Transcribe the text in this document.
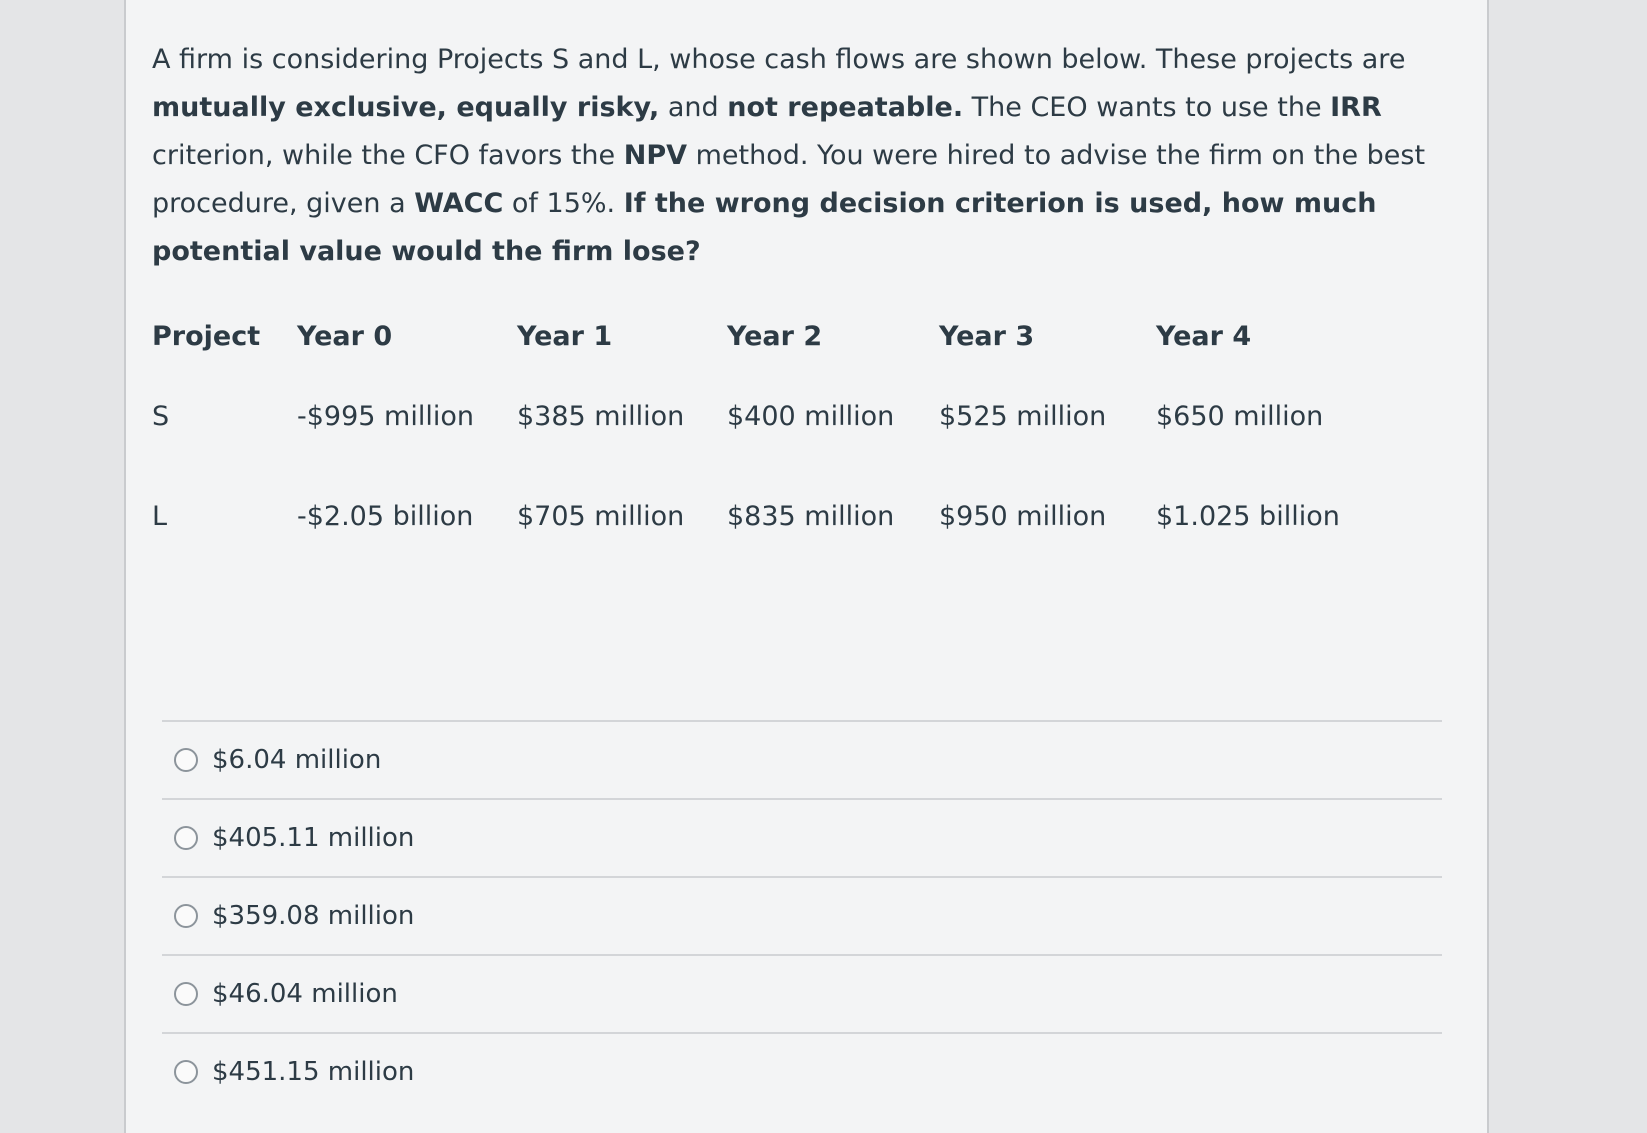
A firm is considering Projects S and L, whose cash flows are shown below. These projects are mutually exclusive, equally risky, and not repeatable. The CEO wants to use the IRR criterion, while the CFO favors the NPV method. You were hired to advise the firm on the best procedure, given a WACC of 15%. If the wrong decision criterion is used, how much potential value would the firm lose?

Project	Year 0	Year 1	Year 2	Year 3	Year 4
S	-$995 million	$385 million	$400 million	$525 million	$650 million
L	-$2.05 billion	$705 million	$835 million	$950 million	$1.025 billion
$6.04 million
$405.11 million
$359.08 million
$46.04 million
$451.15 million
